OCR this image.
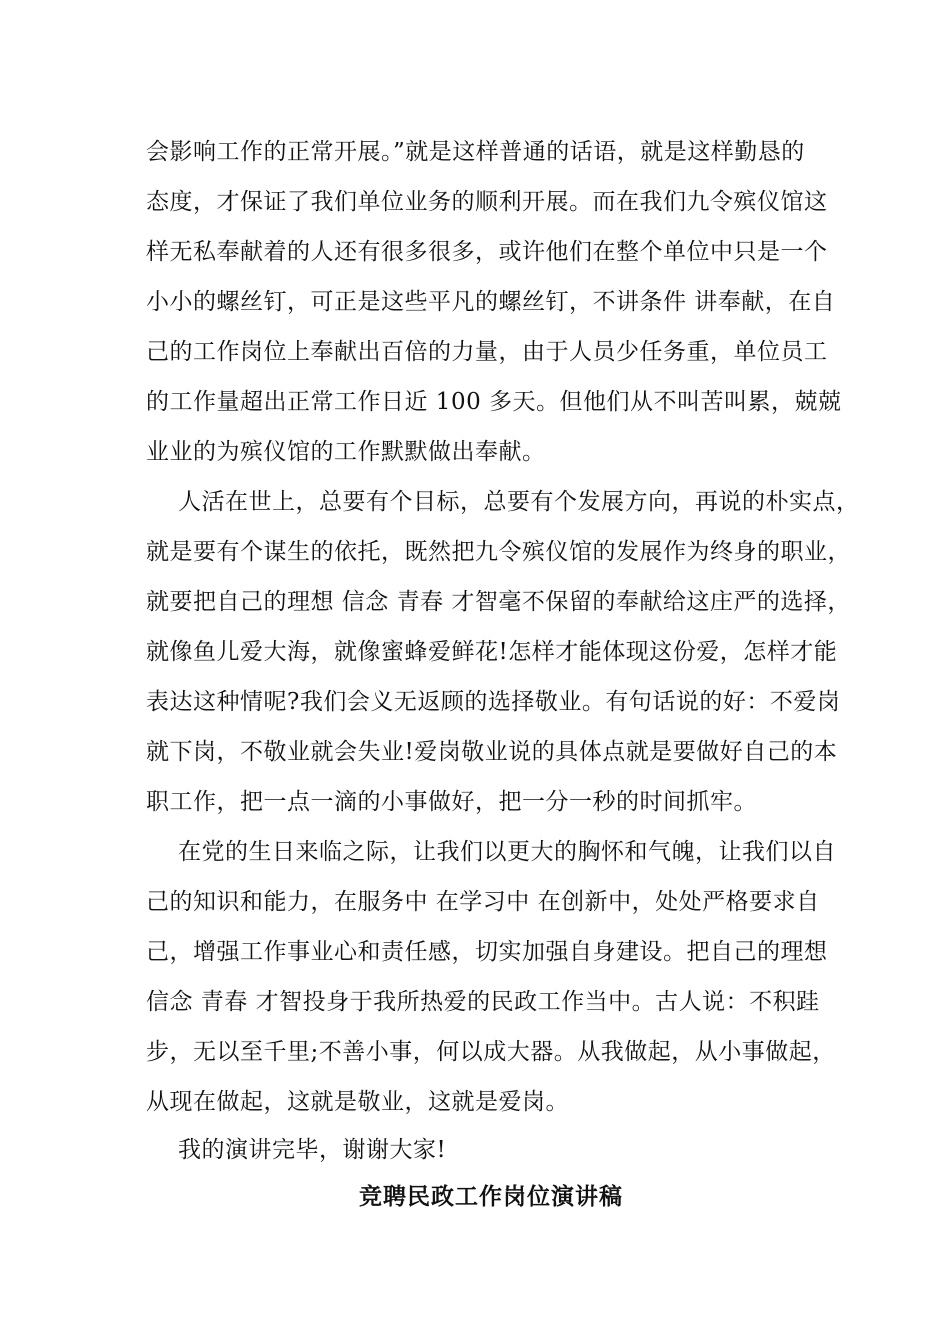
会影响工作的正常开展。”就是这样普通的话语，就是这样勤恳的
态度，才保证了我们单位业务的顺利开展。而在我们九令殡仪馆这
样无私奉献着的人还有很多很多，或许他们在整个单位中只是一个
小小的螺丝钉，可正是这些平凡的螺丝钉，不讲条件 讲奉献，在自
己的工作岗位上奉献出百倍的力量，由于人员少任务重，单位员工
的工作量超出正常工作日近 100 多天。但他们从不叫苦叫累，兢兢
业业的为殡仪馆的工作默默做出奉献。
人活在世上，总要有个目标，总要有个发展方向，再说的朴实点，
就是要有个谋生的依托，既然把九令殡仪馆的发展作为终身的职业，
就要把自己的理想 信念 青春 才智毫不保留的奉献给这庄严的选择，
就像鱼儿爱大海，就像蜜蜂爱鲜花!怎样才能体现这份爱，怎样才能
表达这种情呢?我们会义无返顾的选择敬业。有句话说的好：不爱岗
就下岗，不敬业就会失业!爱岗敬业说的具体点就是要做好自己的本
职工作，把一点一滴的小事做好，把一分一秒的时间抓牢。
在党的生日来临之际，让我们以更大的胸怀和气魄，让我们以自
己的知识和能力，在服务中 在学习中 在创新中，处处严格要求自
己，增强工作事业心和责任感，切实加强自身建设。把自己的理想
信念 青春 才智投身于我所热爱的民政工作当中。古人说：不积跬
步，无以至千里;不善小事，何以成大器。从我做起，从小事做起，
从现在做起，这就是敬业，这就是爱岗。
我的演讲完毕，谢谢大家!
竞聘民政工作岗位演讲稿
